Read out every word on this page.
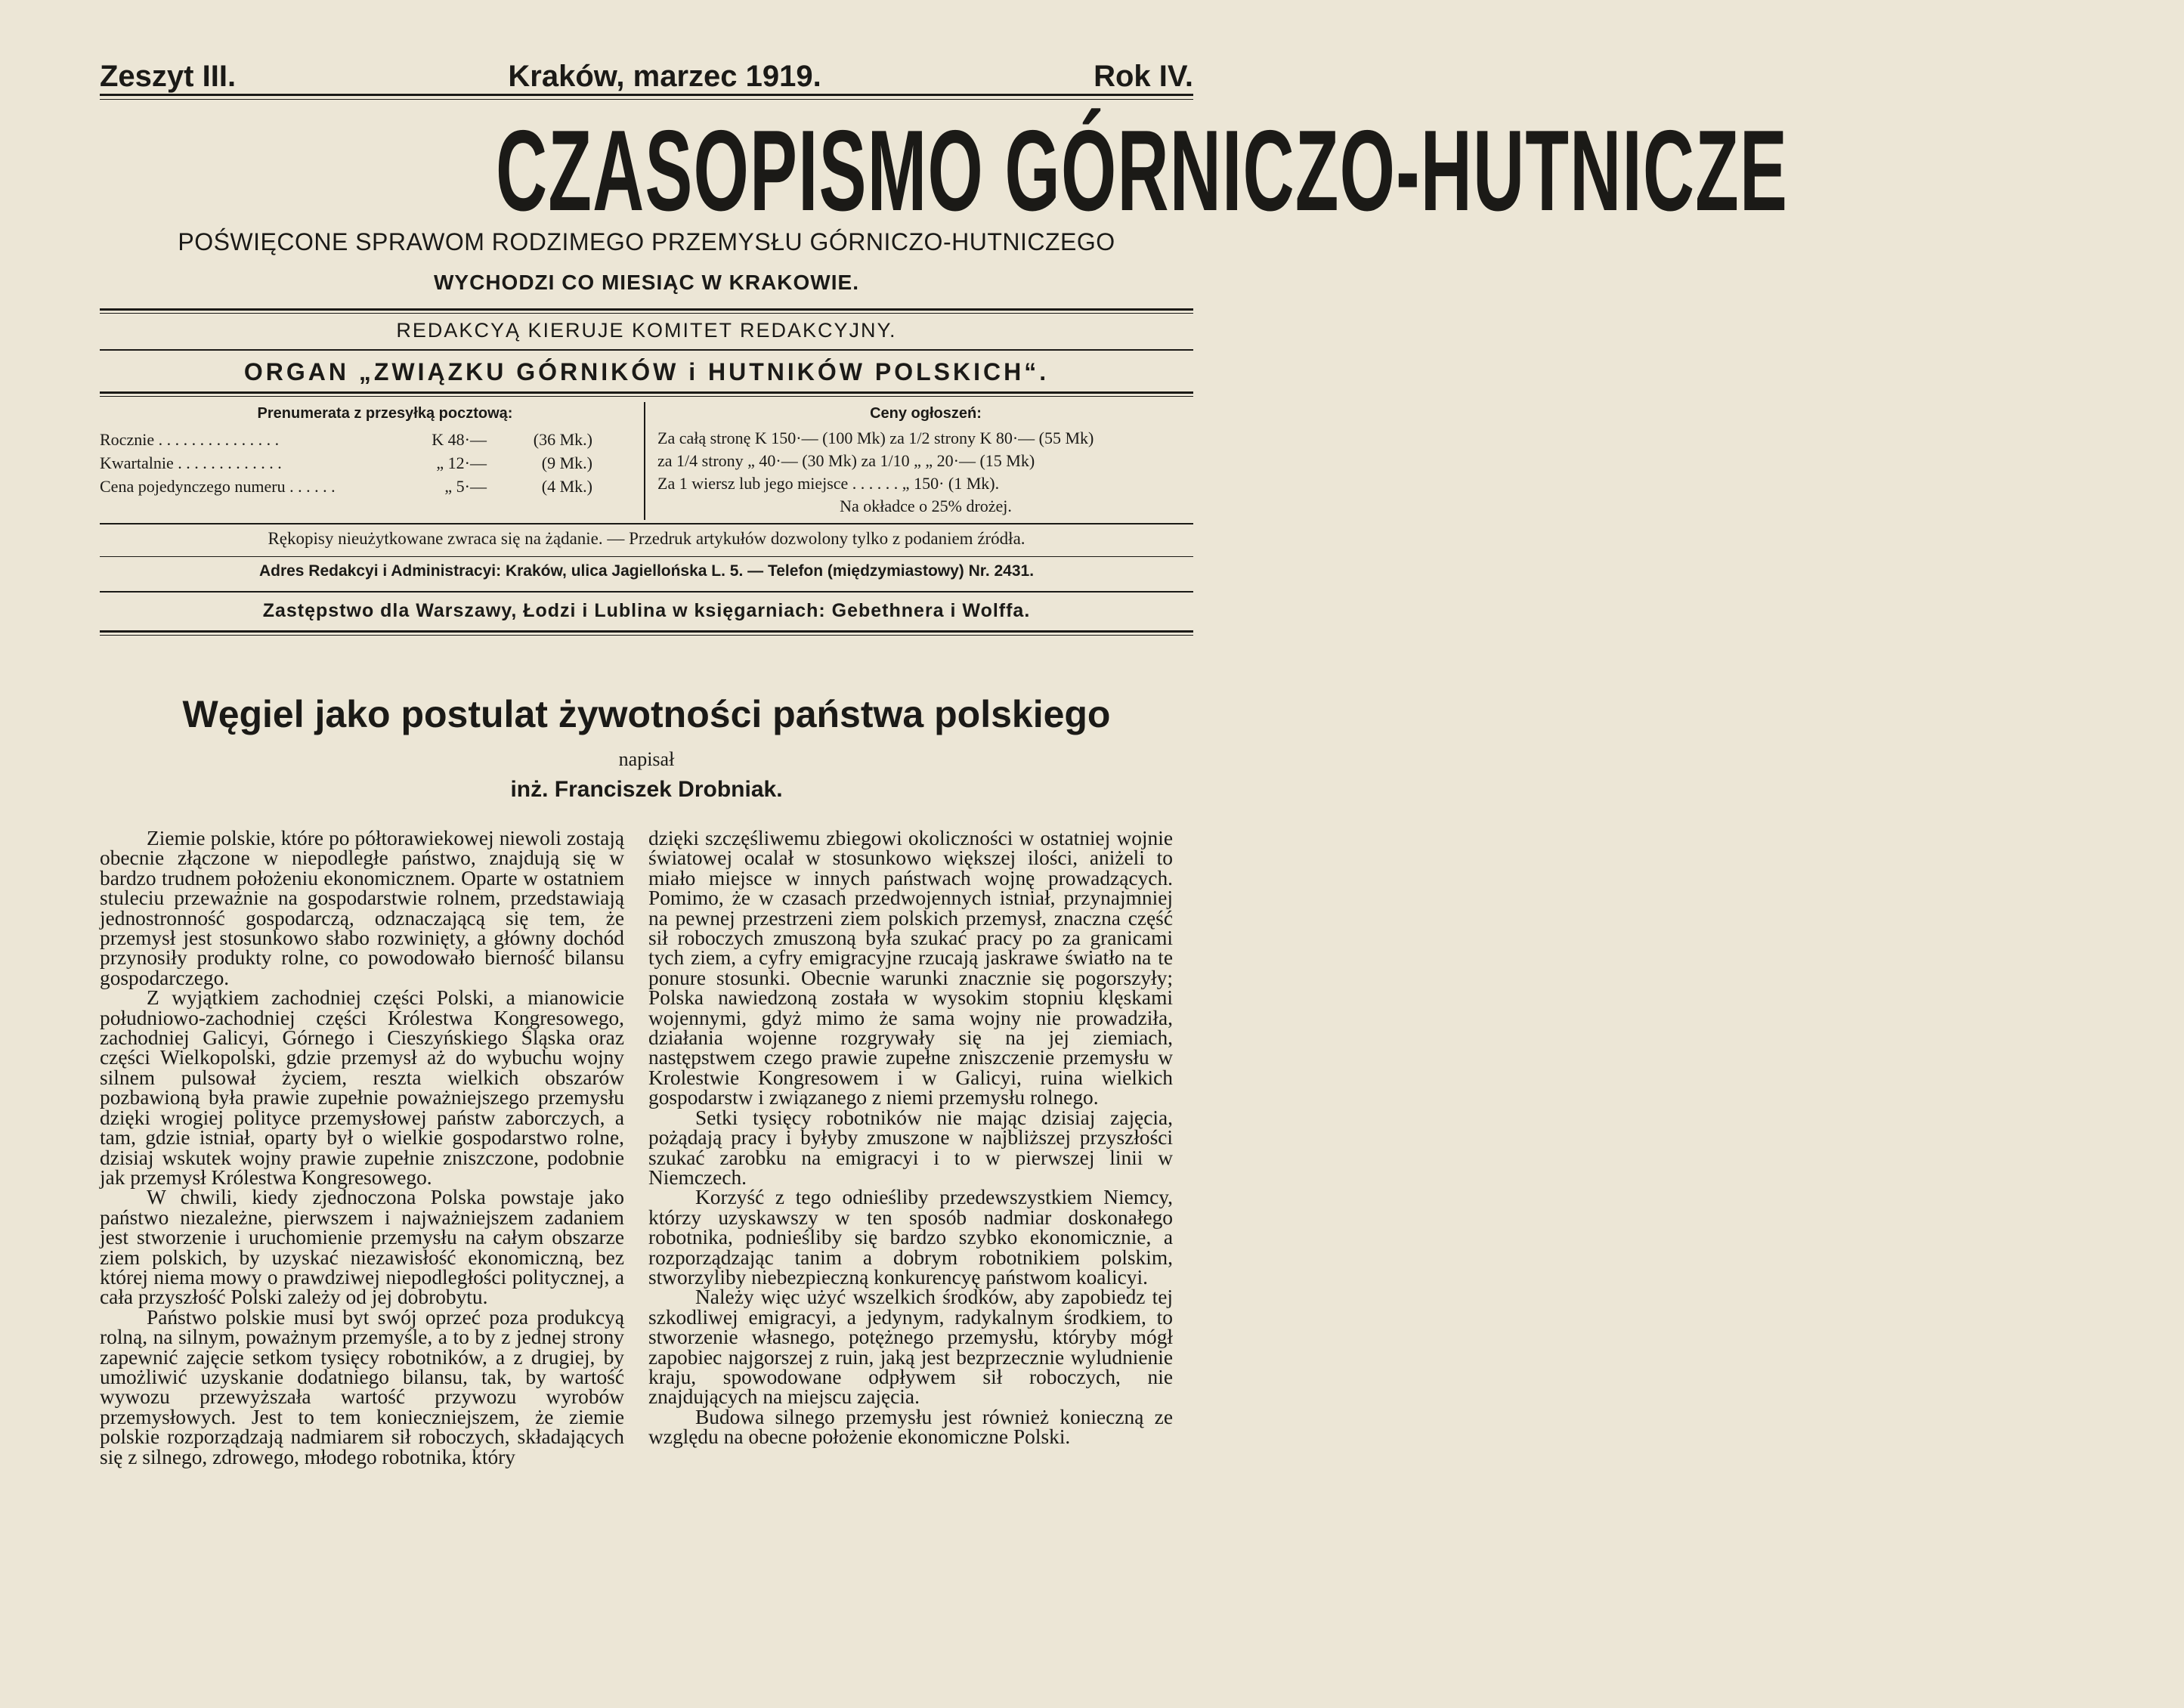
Zeszyt III.	Kraków, marzec 1919.	Rok IV.
CZASOPISMO GÓRNICZO-HUTNICZE
POŚWIĘCONE SPRAWOM RODZIMEGO PRZEMYSŁU GÓRNICZO-HUTNICZEGO
WYCHODZI CO MIESIĄC W KRAKOWIE.
REDAKCYĄ KIERUJE KOMITET REDAKCYJNY.
ORGAN „ZWIĄZKU GÓRNIKÓW i HUTNIKÓW POLSKICH“.
Prenumerata z przesyłką pocztową:
Rocznie . . . . . . . . . . . . . . .	K 48·—	(36 Mk.)
Kwartalnie . . . . . . . . . . . . .	„ 12·—	(9 Mk.)
Cena pojedynczego numeru . . . . . .	„ 5·—	(4 Mk.)
Ceny ogłoszeń:
Za całą stronę K 150·— (100 Mk) za 1/2 strony K 80·— (55 Mk)
za 1/4 strony „ 40·— (30 Mk) za 1/10 „ „ 20·— (15 Mk)
Za 1 wiersz lub jego miejsce . . . . . . „ 150· (1 Mk).
Na okładce o 25% drożej.
Rękopisy nieużytkowane zwraca się na żądanie. — Przedruk artykułów dozwolony tylko z podaniem źródła.
Adres Redakcyi i Administracyi: Kraków, ulica Jagiellońska L. 5. — Telefon (międzymiastowy) Nr. 2431.
Zastępstwo dla Warszawy, Łodzi i Lublina w księgarniach: Gebethnera i Wolffa.
Węgiel jako postulat żywotności państwa polskiego
napisał
inż. Franciszek Drobniak.

Ziemie polskie, które po półtorawiekowej niewoli zostają obecnie złączone w niepodległe państwo, znajdują się w bardzo trudnem położeniu ekonomicznem. Oparte w ostatniem stuleciu przeważnie na gospodarstwie rolnem, przedstawiają jednostronność gospodarczą, odznaczającą się tem, że przemysł jest stosunkowo słabo rozwinięty, a główny dochód przynosiły produkty rolne, co powodowało bierność bilansu gospodarczego.

Z wyjątkiem zachodniej części Polski, a mianowicie południowo-zachodniej części Królestwa Kongresowego, zachodniej Galicyi, Górnego i Cieszyńskiego Śląska oraz części Wielkopolski, gdzie przemysł aż do wybuchu wojny silnem pulsował życiem, reszta wielkich obszarów pozbawioną była prawie zupełnie poważniejszego przemysłu dzięki wrogiej polityce przemysłowej państw zaborczych, a tam, gdzie istniał, oparty był o wielkie gospodarstwo rolne, dzisiaj wskutek wojny prawie zupełnie zniszczone, podobnie jak przemysł Królestwa Kongresowego.

W chwili, kiedy zjednoczona Polska powstaje jako państwo niezależne, pierwszem i najważniejszem zadaniem jest stworzenie i uruchomienie przemysłu na całym obszarze ziem polskich, by uzyskać niezawisłość ekonomiczną, bez której niema mowy o prawdziwej niepodległości politycznej, a cała przyszłość Polski zależy od jej dobrobytu.

Państwo polskie musi byt swój oprzeć poza produkcyą rolną, na silnym, poważnym przemyśle, a to by z jednej strony zapewnić zajęcie setkom tysięcy robotników, a z drugiej, by umożliwić uzyskanie dodatniego bilansu, tak, by wartość wywozu przewyższała wartość przywozu wyrobów przemysłowych. Jest to tem konieczniejszem, że ziemie polskie rozporządzają nadmiarem sił roboczych, składających się z silnego, zdrowego, młodego robotnika, który

dzięki szczęśliwemu zbiegowi okoliczności w ostatniej wojnie światowej ocalał w stosunkowo większej ilości, aniżeli to miało miejsce w innych państwach wojnę prowadzących. Pomimo, że w czasach przedwojennych istniał, przynajmniej na pewnej przestrzeni ziem polskich przemysł, znaczna część sił roboczych zmuszoną była szukać pracy po za granicami tych ziem, a cyfry emigracyjne rzucają jaskrawe światło na te ponure stosunki. Obecnie warunki znacznie się pogorszyły; Polska nawiedzoną została w wysokim stopniu klęskami wojennymi, gdyż mimo że sama wojny nie prowadziła, działania wojenne rozgrywały się na jej ziemiach, następstwem czego prawie zupełne zniszczenie przemysłu w Krolestwie Kongresowem i w Galicyi, ruina wielkich gospodarstw i związanego z niemi przemysłu rolnego.

Setki tysięcy robotników nie mając dzisiaj zajęcia, pożądają pracy i byłyby zmuszone w najbliższej przyszłości szukać zarobku na emigracyi i to w pierwszej linii w Niemczech.

Korzyść z tego odnieśliby przedewszystkiem Niemcy, którzy uzyskawszy w ten sposób nadmiar doskonałego robotnika, podnieśliby się bardzo szybko ekonomicznie, a rozporządzając tanim a dobrym robotnikiem polskim, stworzyliby niebezpieczną konkurencyę państwom koalicyi.

Należy więc użyć wszelkich środków, aby zapobiedz tej szkodliwej emigracyi, a jedynym, radykalnym środkiem, to stworzenie własnego, potężnego przemysłu, któryby mógł zapobiec najgorszej z ruin, jaką jest bezprzecznie wyludnienie kraju, spowodowane odpływem sił roboczych, nie znajdujących na miejscu zajęcia.

Budowa silnego przemysłu jest również konieczną ze względu na obecne położenie ekonomiczne Polski.
